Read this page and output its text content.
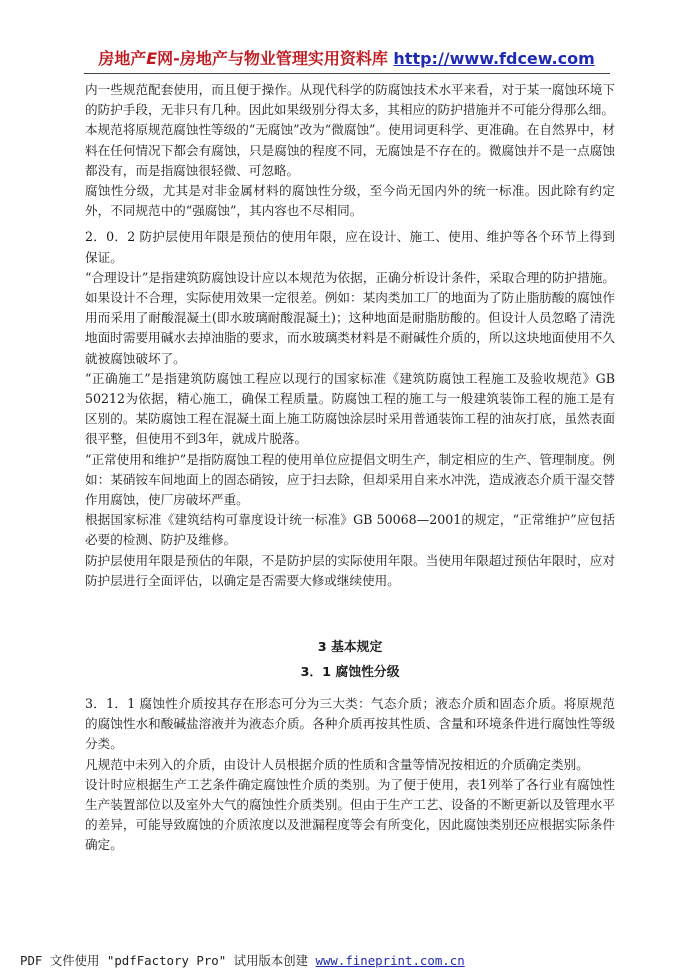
房地产E网-房地产与物业管理实用资料库 http://www.fdcew.com

内一些规范配套使用，而且便于操作。从现代科学的防腐蚀技术水平来看，对于某一腐蚀环境下的防护手段，无非只有几种。因此如果级别分得太多，其相应的防护措施并不可能分得那么细。

本规范将原规范腐蚀性等级的“无腐蚀”改为“微腐蚀”。使用词更科学、更准确。在自然界中，材料在任何情况下都会有腐蚀，只是腐蚀的程度不同，无腐蚀是不存在的。微腐蚀并不是一点腐蚀都没有，而是指腐蚀很轻微、可忽略。

腐蚀性分级，尤其是对非金属材料的腐蚀性分级，至今尚无国内外的统一标准。因此除有约定外，不同规范中的“强腐蚀”，其内容也不尽相同。

2．0．2 防护层使用年限是预估的使用年限，应在设计、施工、使用、维护等各个环节上得到保证。

“合理设计”是指建筑防腐蚀设计应以本规范为依据，正确分析设计条件，采取合理的防护措施。如果设计不合理，实际使用效果一定很差。例如：某肉类加工厂的地面为了防止脂肪酸的腐蚀作用而采用了耐酸混凝土(即水玻璃耐酸混凝土)；这种地面是耐脂肪酸的。但设计人员忽略了清洗地面时需要用碱水去掉油脂的要求，而水玻璃类材料是不耐碱性介质的，所以这块地面使用不久就被腐蚀破坏了。

“正确施工”是指建筑防腐蚀工程应以现行的国家标准《建筑防腐蚀工程施工及验收规范》GB 50212为依据，精心施工，确保工程质量。防腐蚀工程的施工与一般建筑装饰工程的施工是有区别的。某防腐蚀工程在混凝土面上施工防腐蚀涂层时采用普通装饰工程的油灰打底，虽然表面很平整，但使用不到3年，就成片脱落。

“正常使用和维护”是指防腐蚀工程的使用单位应提倡文明生产，制定相应的生产、管理制度。例如：某硝铵车间地面上的固态硝铵，应于扫去除，但却采用自来水冲洗，造成液态介质干湿交替作用腐蚀，使厂房破坏严重。

根据国家标准《建筑结构可靠度设计统一标准》GB 50068—2001的规定，“正常维护”应包括必要的检测、防护及维修。

防护层使用年限是预估的年限，不是防护层的实际使用年限。当使用年限超过预估年限时，应对防护层进行全面评估，以确定是否需要大修或继续使用。

3 基本规定
3．1 腐蚀性分级

3．1．1 腐蚀性介质按其存在形态可分为三大类：气态介质；液态介质和固态介质。将原规范的腐蚀性水和酸碱盐溶液并为液态介质。各种介质再按其性质、含量和环境条件进行腐蚀性等级分类。

凡规范中未列入的介质，由设计人员根据介质的性质和含量等情况按相近的介质确定类别。

设计时应根据生产工艺条件确定腐蚀性介质的类别。为了便于使用，表1列举了各行业有腐蚀性生产装置部位以及室外大气的腐蚀性介质类别。但由于生产工艺、设备的不断更新以及管理水平的差异，可能导致腐蚀的介质浓度以及泄漏程度等会有所变化，因此腐蚀类别还应根据实际条件确定。

PDF 文件使用 "pdfFactory Pro" 试用版本创建 www.fineprint.com.cn
